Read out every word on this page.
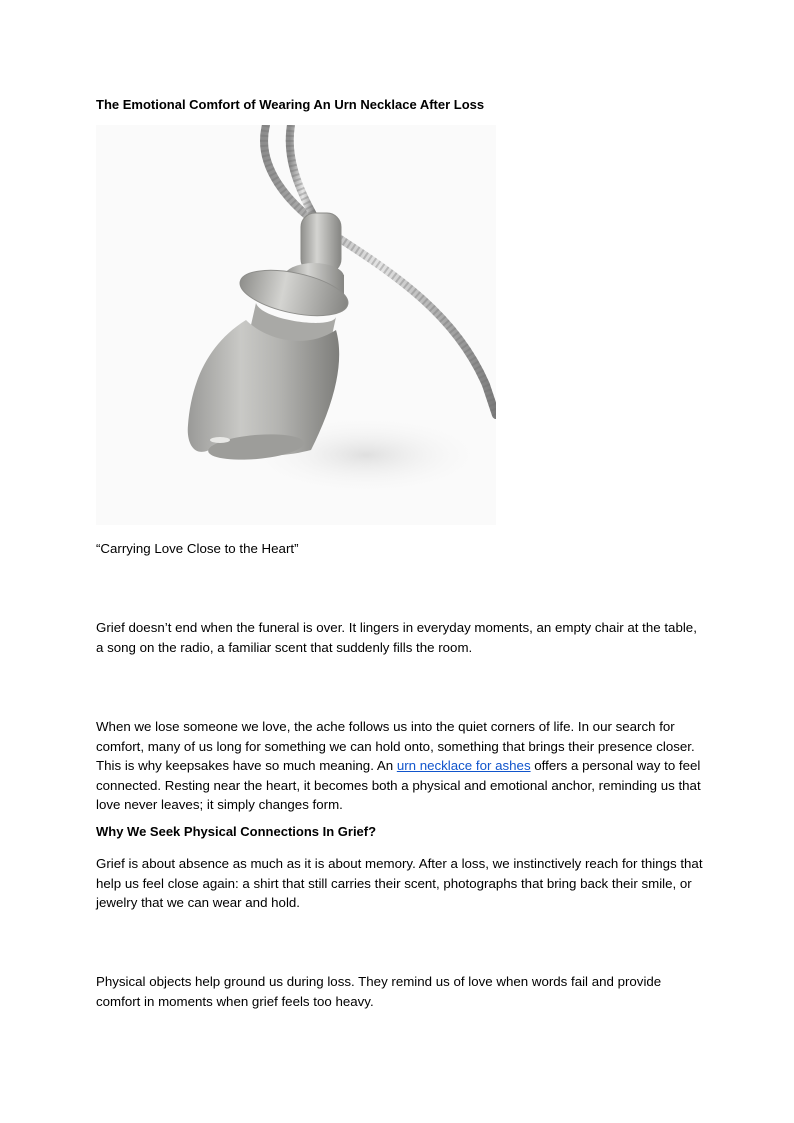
The Emotional Comfort of Wearing An Urn Necklace After Loss

“Carrying Love Close to the Heart”

Grief doesn’t end when the funeral is over. It lingers in everyday moments, an empty chair at the table, a song on the radio, a familiar scent that suddenly fills the room.

When we lose someone we love, the ache follows us into the quiet corners of life. In our search for comfort, many of us long for something we can hold onto, something that brings their presence closer. This is why keepsakes have so much meaning. An urn necklace for ashes offers a personal way to feel connected. Resting near the heart, it becomes both a physical and emotional anchor, reminding us that love never leaves; it simply changes form.

Why We Seek Physical Connections In Grief?

Grief is about absence as much as it is about memory. After a loss, we instinctively reach for things that help us feel close again: a shirt that still carries their scent, photographs that bring back their smile, or jewelry that we can wear and hold.

Physical objects help ground us during loss. They remind us of love when words fail and provide comfort in moments when grief feels too heavy.
